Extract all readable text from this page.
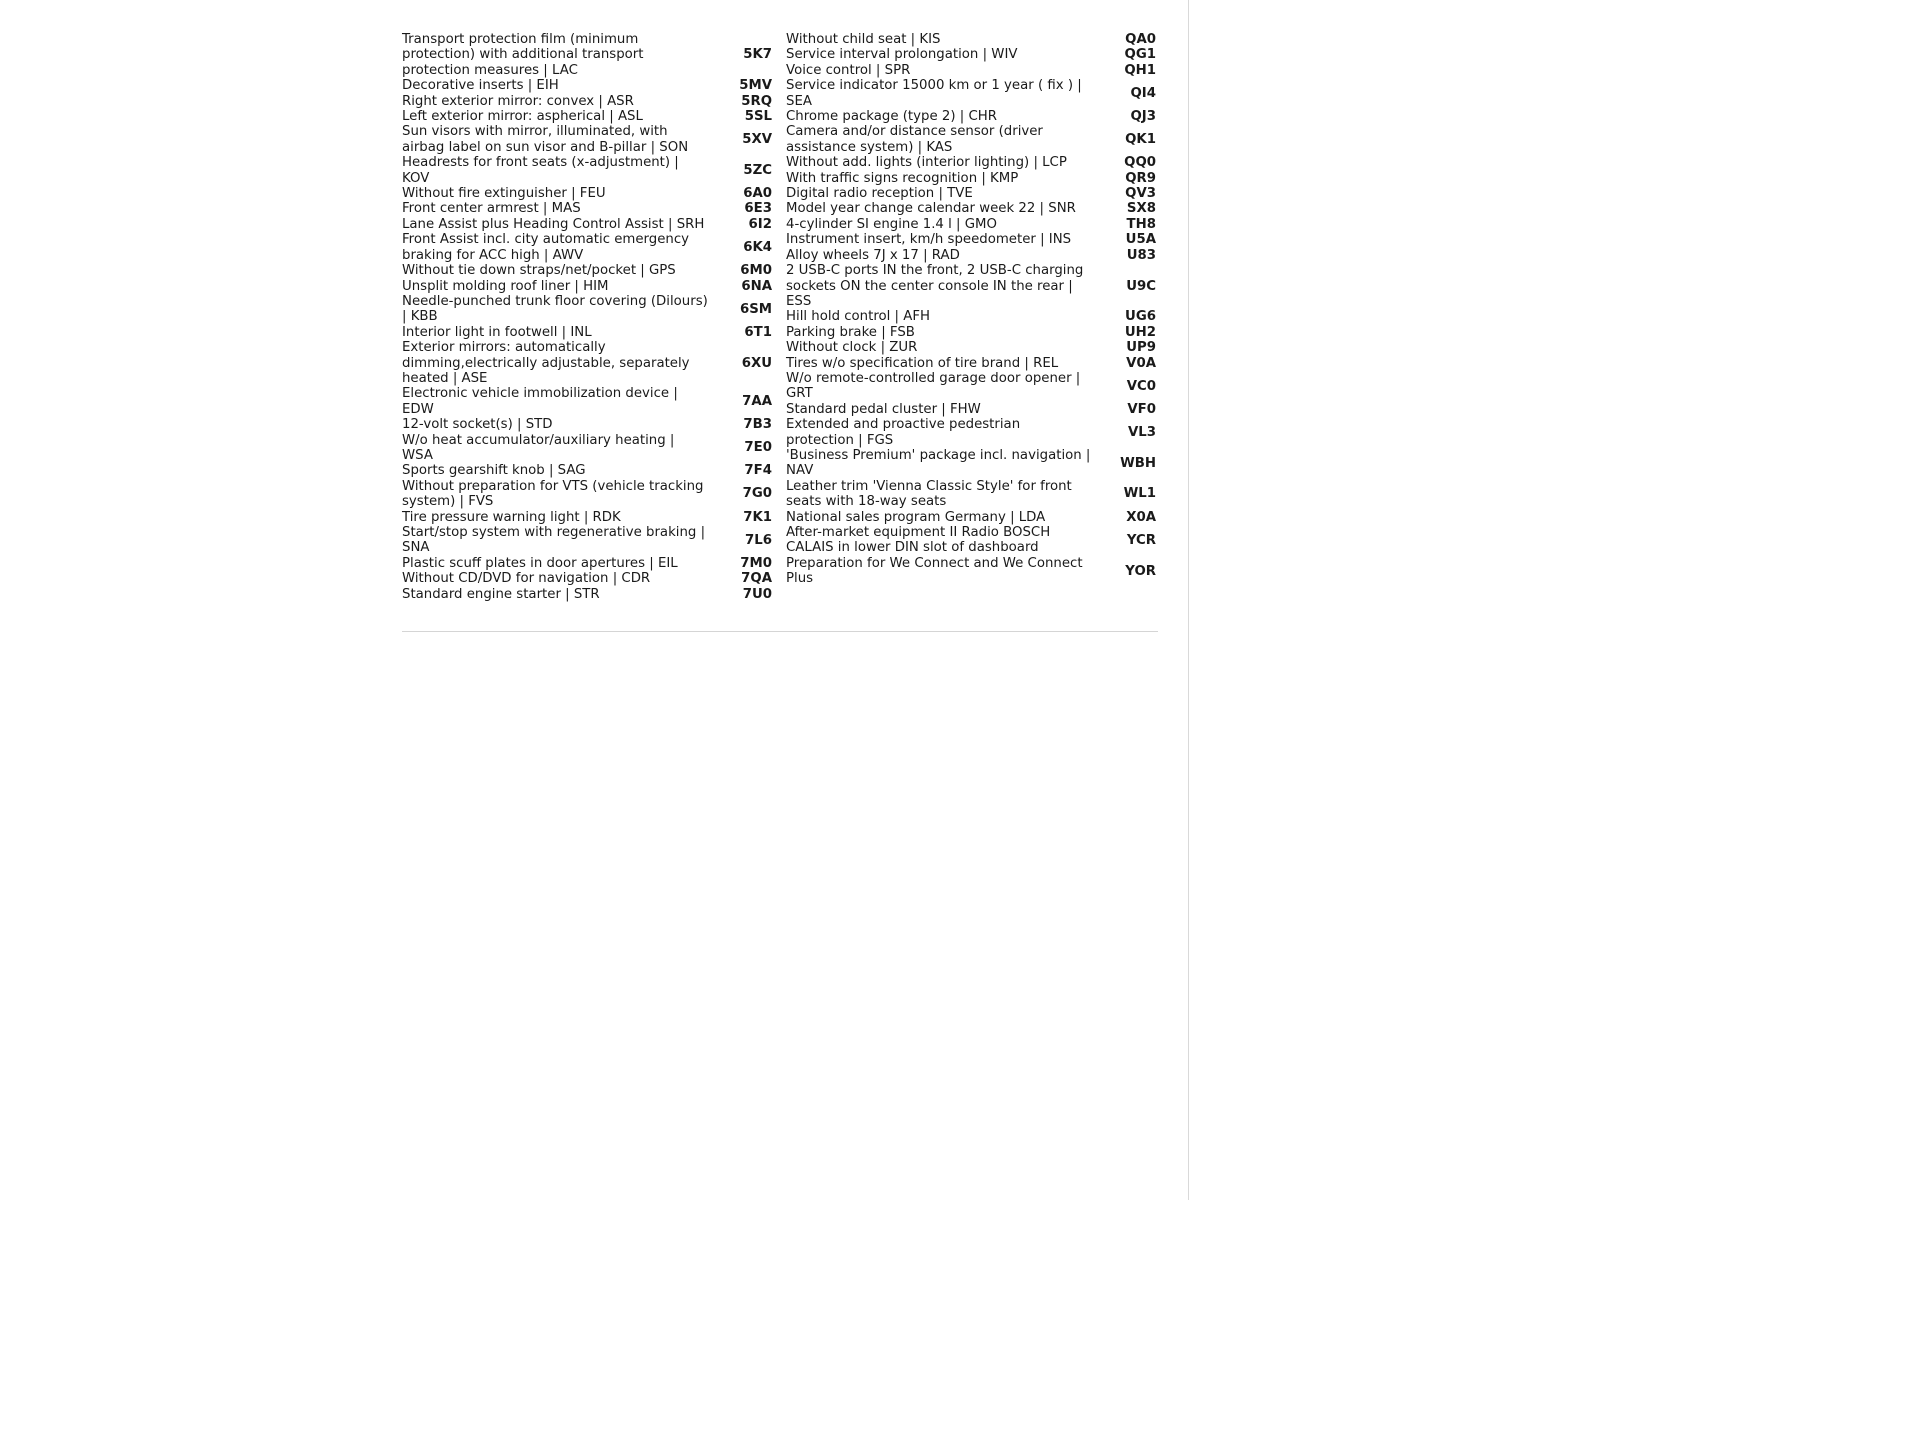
Transport protection film (minimum protection) with additional transport protection measures | LAC
5K7
Decorative inserts | EIH	5MV
Right exterior mirror: convex | ASR	5RQ
Left exterior mirror: aspherical | ASL	5SL
Sun visors with mirror, illuminated, with airbag label on sun visor and B-pillar | SON
5XV
Headrests for front seats (x-adjustment) | KOV
5ZC
Without fire extinguisher | FEU	6A0
Front center armrest | MAS	6E3
Lane Assist plus Heading Control Assist | SRH	6I2
Front Assist incl. city automatic emergency braking for ACC high | AWV
6K4
Without tie down straps/net/pocket | GPS	6M0
Unsplit molding roof liner | HIM	6NA
Needle-punched trunk floor covering (Dilours) | KBB
6SM
Interior light in footwell | INL	6T1
Exterior mirrors: automatically dimming,electrically adjustable, separately heated | ASE
6XU
Electronic vehicle immobilization device | EDW
7AA
12-volt socket(s) | STD	7B3
W/o heat accumulator/auxiliary heating | WSA
7E0
Sports gearshift knob | SAG	7F4
Without preparation for VTS (vehicle tracking system) | FVS
7G0
Tire pressure warning light | RDK	7K1
Start/stop system with regenerative braking | SNA
7L6
Plastic scuff plates in door apertures | EIL	7M0
Without CD/DVD for navigation | CDR	7QA
Standard engine starter | STR	7U0
Without child seat | KIS	QA0
Service interval prolongation | WIV	QG1
Voice control | SPR	QH1
Service indicator 15000 km or 1 year ( fix ) | SEA
QI4
Chrome package (type 2) | CHR	QJ3
Camera and/or distance sensor (driver assistance system) | KAS
QK1
Without add. lights (interior lighting) | LCP	QQ0
With traffic signs recognition | KMP	QR9
Digital radio reception | TVE	QV3
Model year change calendar week 22 | SNR	SX8
4-cylinder SI engine 1.4 l | GMO	TH8
Instrument insert, km/h speedometer | INS	U5A
Alloy wheels 7J x 17 | RAD	U83
2 USB-C ports IN the front, 2 USB-C charging sockets ON the center console IN the rear | ESS
U9C
Hill hold control | AFH	UG6
Parking brake | FSB	UH2
Without clock | ZUR	UP9
Tires w/o specification of tire brand | REL	V0A
W/o remote-controlled garage door opener | GRT
VC0
Standard pedal cluster | FHW	VF0
Extended and proactive pedestrian protection | FGS
VL3
'Business Premium' package incl. navigation | NAV
WBH
Leather trim 'Vienna Classic Style' for front seats with 18-way seats
WL1
National sales program Germany | LDA	X0A
After-market equipment II Radio BOSCH CALAIS in lower DIN slot of dashboard
YCR
Preparation for We Connect and We Connect Plus
YOR
